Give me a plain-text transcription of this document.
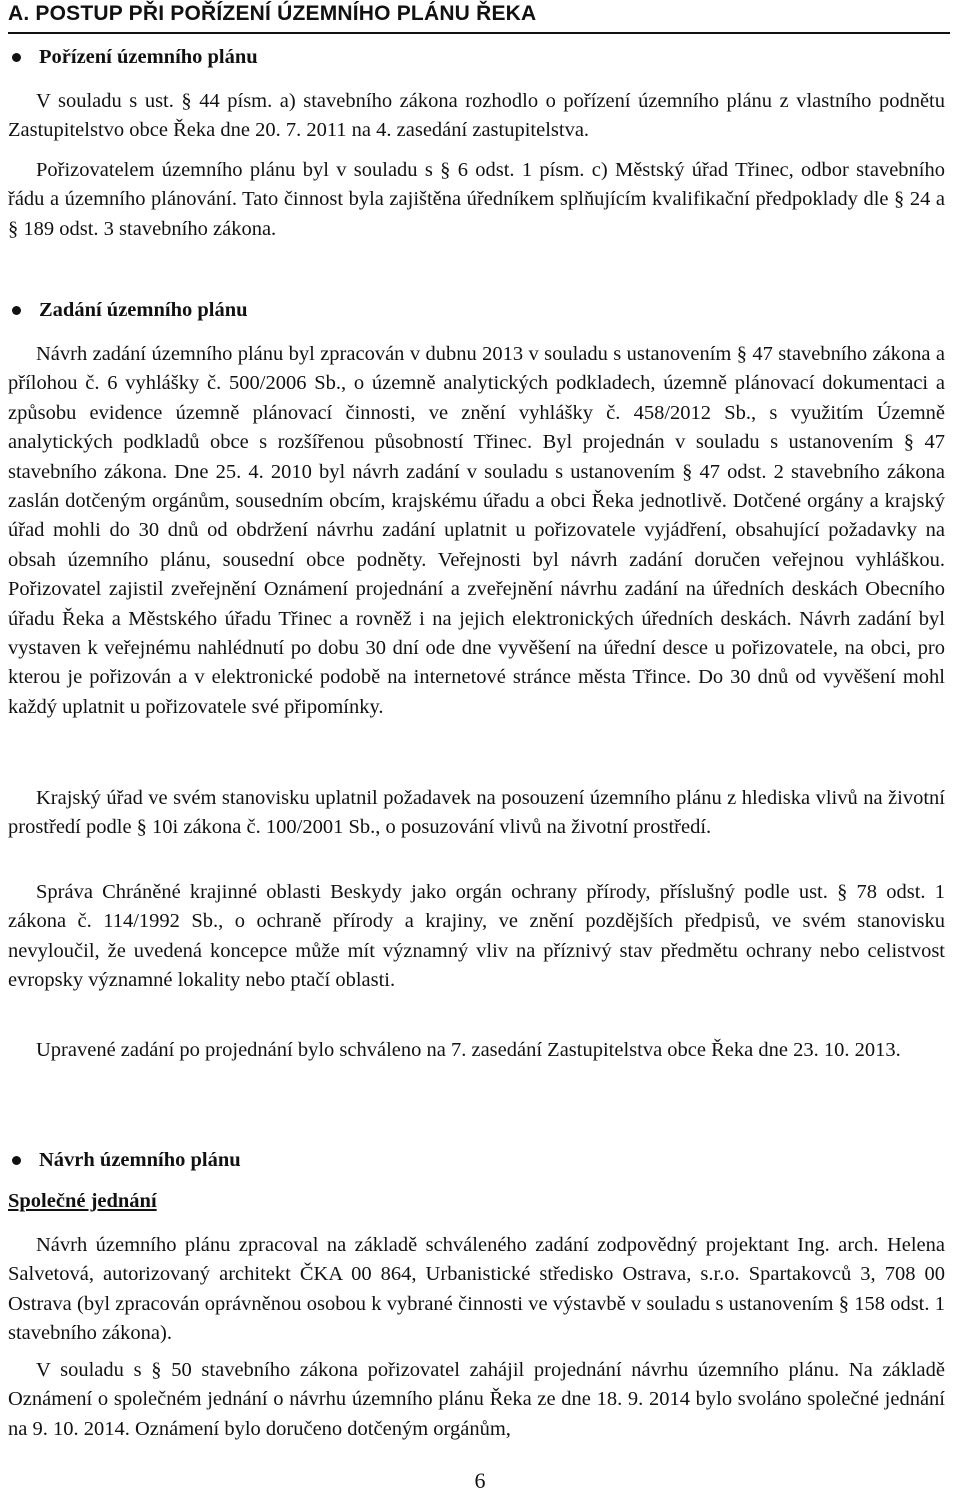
A. POSTUP PŘI POŘÍZENÍ ÚZEMNÍHO PLÁNU ŘEKA
Pořízení územního plánu
V souladu s ust. § 44 písm. a) stavebního zákona rozhodlo o pořízení územního plánu z vlastního podnětu Zastupitelstvo obce Řeka dne 20. 7. 2011 na 4. zasedání zastupitelstva.
Pořizovatelem územního plánu byl v souladu s § 6 odst. 1 písm. c) Městský úřad Třinec, odbor stavebního řádu a územního plánování. Tato činnost byla zajištěna úředníkem splňujícím kvalifikační předpoklady dle § 24 a § 189 odst. 3 stavebního zákona.
Zadání územního plánu
Návrh zadání územního plánu byl zpracován v dubnu 2013 v souladu s ustanovením § 47 stavebního zákona a přílohou č. 6 vyhlášky č. 500/2006 Sb., o územně analytických podkladech, územně plánovací dokumentaci a způsobu evidence územně plánovací činnosti, ve znění vyhlášky č. 458/2012 Sb., s využitím Územně analytických podkladů obce s rozšířenou působností Třinec. Byl projednán v souladu s ustanovením § 47 stavebního zákona. Dne 25. 4. 2010 byl návrh zadání v souladu s ustanovením § 47 odst. 2 stavebního zákona zaslán dotčeným orgánům, sousedním obcím, krajskému úřadu a obci Řeka jednotlivě. Dotčené orgány a krajský úřad mohli do 30 dnů od obdržení návrhu zadání uplatnit u pořizovatele vyjádření, obsahující požadavky na obsah územního plánu, sousední obce podněty. Veřejnosti byl návrh zadání doručen veřejnou vyhláškou. Pořizovatel zajistil zveřejnění Oznámení projednání a zveřejnění návrhu zadání na úředních deskách Obecního úřadu Řeka a Městského úřadu Třinec a rovněž i na jejich elektronických úředních deskách. Návrh zadání byl vystaven k veřejnému nahlédnutí po dobu 30 dní ode dne vyvěšení na úřední desce u pořizovatele, na obci, pro kterou je pořizován a v elektronické podobě na internetové stránce města Třince. Do 30 dnů od vyvěšení mohl každý uplatnit u pořizovatele své připomínky.
Krajský úřad ve svém stanovisku uplatnil požadavek na posouzení územního plánu z hlediska vlivů na životní prostředí podle § 10i zákona č. 100/2001 Sb., o posuzování vlivů na životní prostředí.
Správa Chráněné krajinné oblasti Beskydy jako orgán ochrany přírody, příslušný podle ust. § 78 odst. 1 zákona č. 114/1992 Sb., o ochraně přírody a krajiny, ve znění pozdějších předpisů, ve svém stanovisku nevyloučil, že uvedená koncepce může mít významný vliv na příznivý stav předmětu ochrany nebo celistvost evropsky významné lokality nebo ptačí oblasti.
Upravené zadání po projednání bylo schváleno na 7. zasedání Zastupitelstva obce Řeka dne 23. 10. 2013.
Návrh územního plánu
Společné jednání
Návrh územního plánu zpracoval na základě schváleného zadání zodpovědný projektant Ing. arch. Helena Salvetová, autorizovaný architekt ČKA 00 864, Urbanistické středisko Ostrava, s.r.o. Spartakovců 3, 708 00 Ostrava (byl zpracován oprávněnou osobou k vybrané činnosti ve výstavbě v souladu s ustanovením § 158 odst. 1 stavebního zákona).
V souladu s § 50 stavebního zákona pořizovatel zahájil projednání návrhu územního plánu. Na základě Oznámení o společném jednání o návrhu územního plánu Řeka ze dne 18. 9. 2014 bylo svoláno společné jednání na 9. 10. 2014. Oznámení bylo doručeno dotčeným orgánům,
6
